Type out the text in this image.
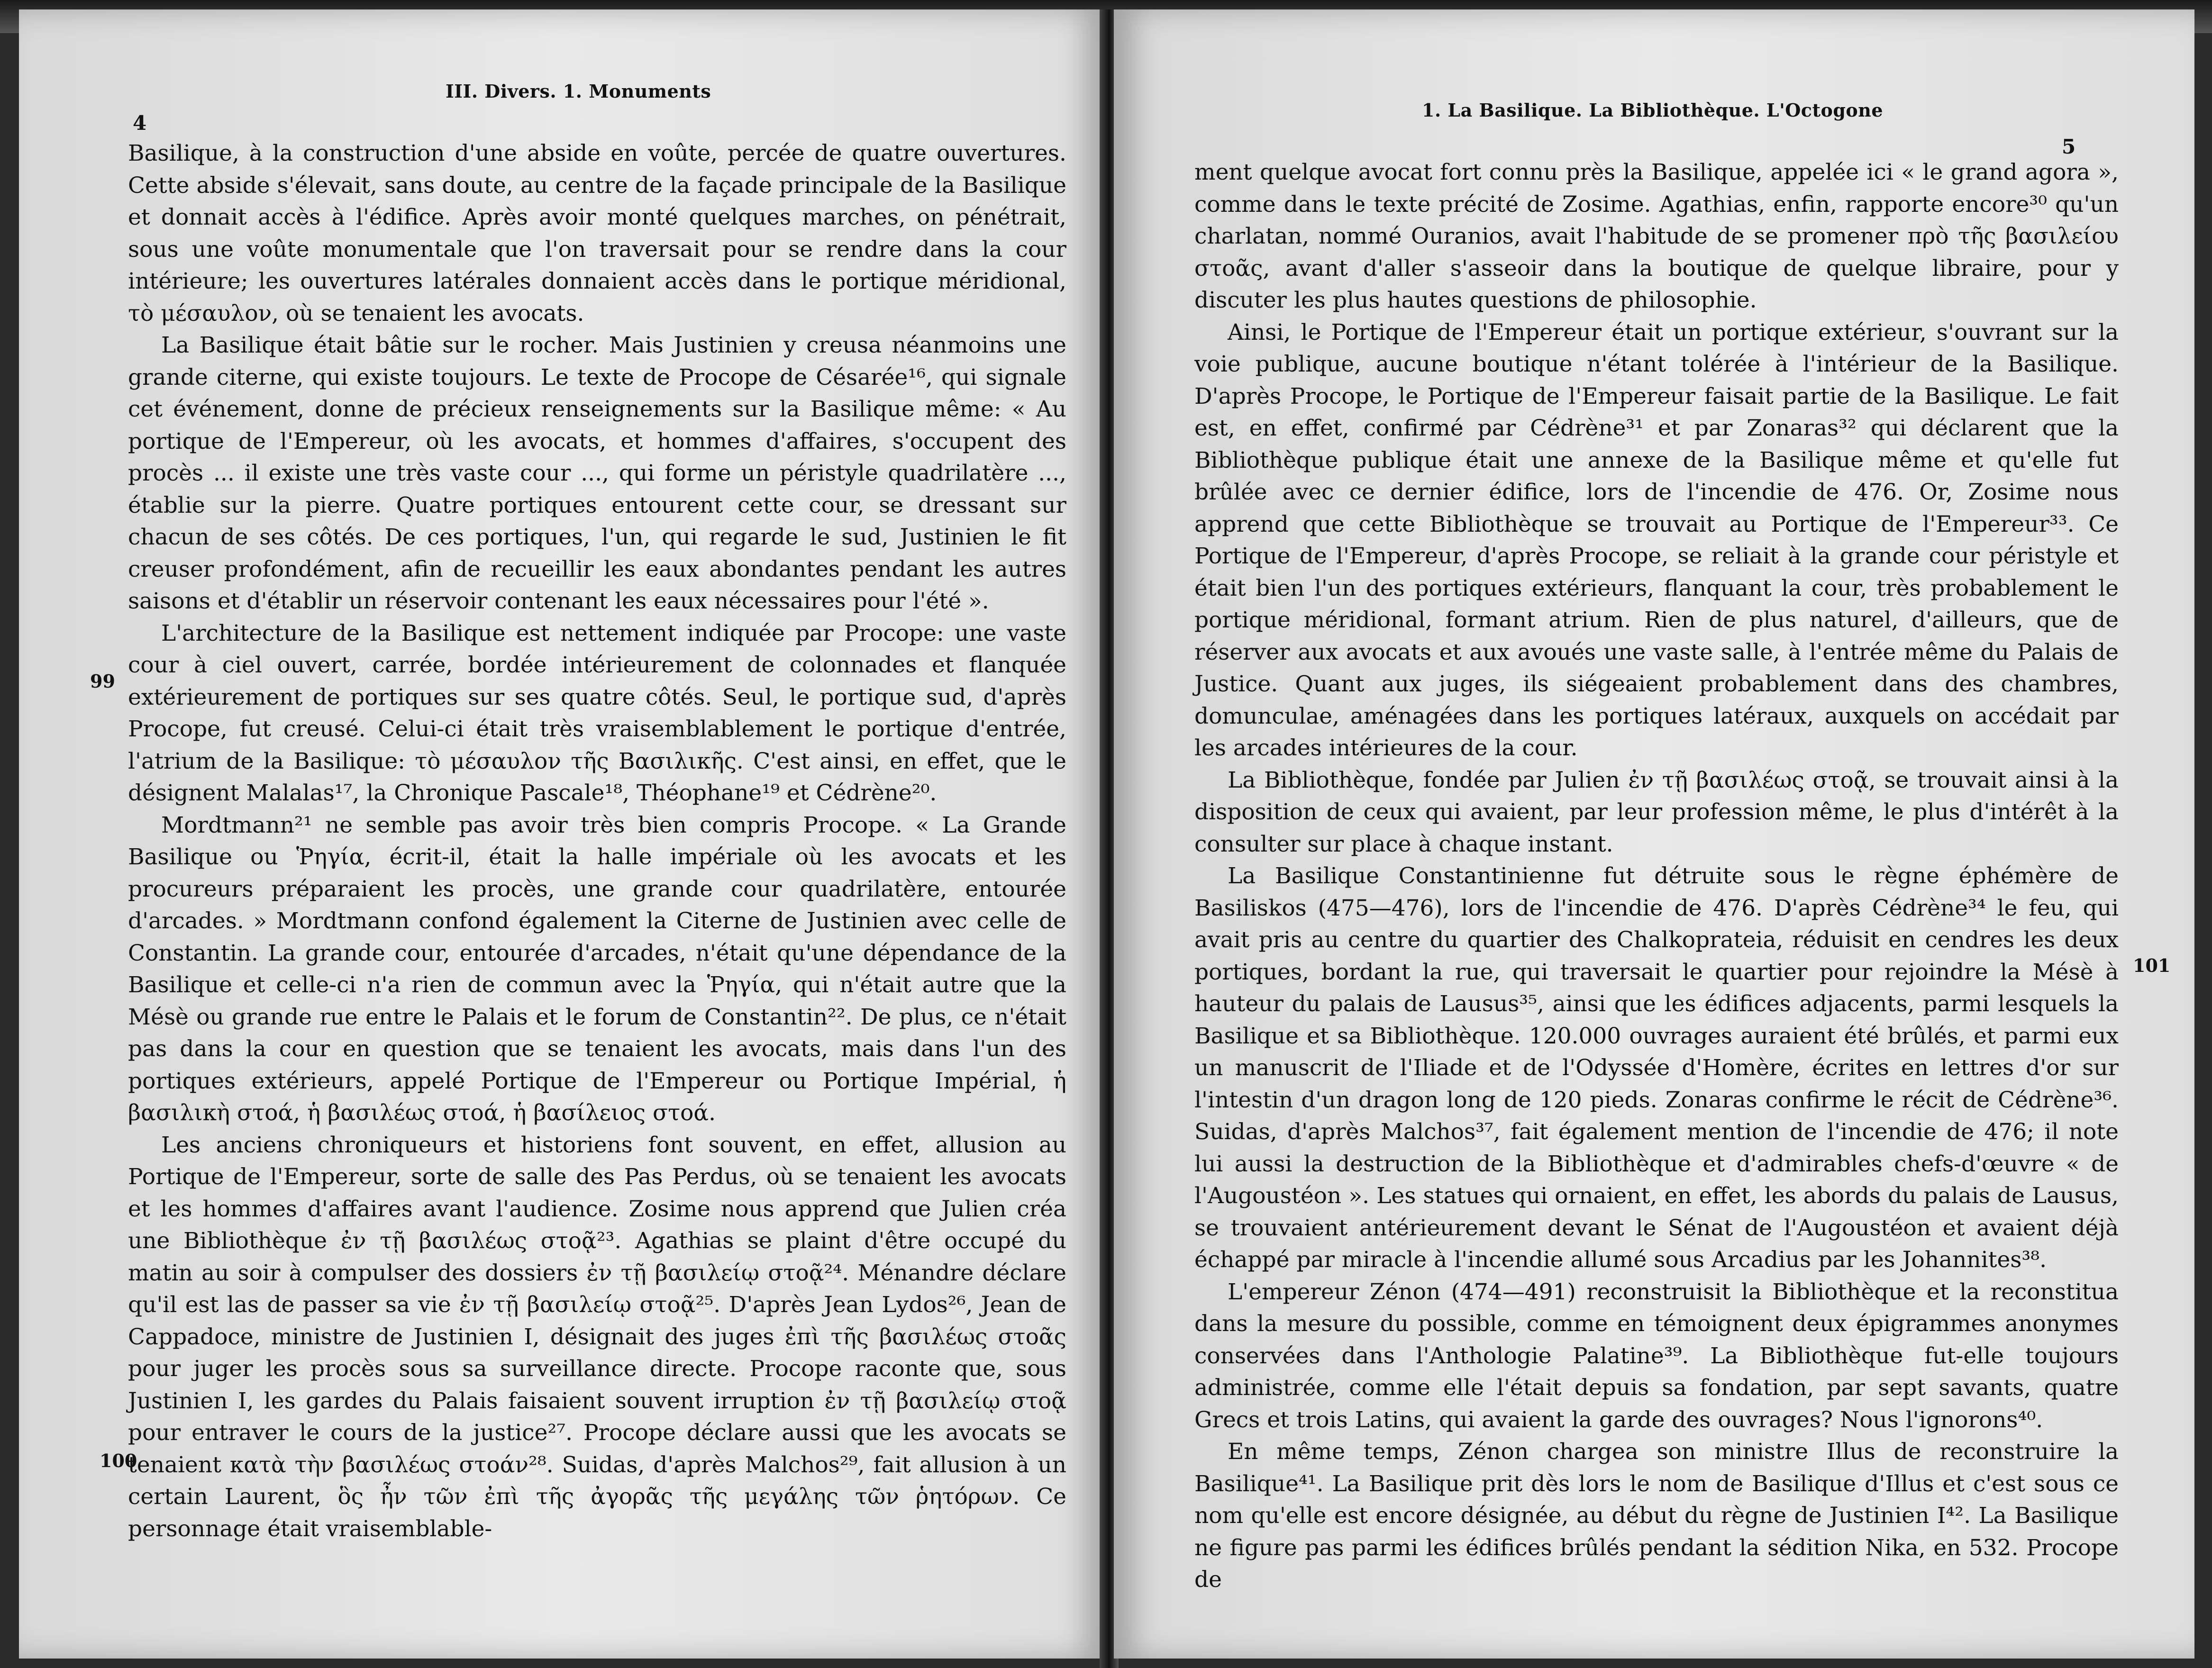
4
III. Divers. 1. Monuments

Basilique, à la construction d'une abside en voûte, percée de quatre ouvertures. Cette abside s'élevait, sans doute, au centre de la façade principale de la Basilique et donnait accès à l'édifice. Après avoir monté quelques marches, on pénétrait, sous une voûte monumentale que l'on traversait pour se rendre dans la cour intérieure; les ouvertures latérales donnaient accès dans le portique méridional, τὸ μέσαυλον, où se tenaient les avocats.

La Basilique était bâtie sur le rocher. Mais Justinien y creusa néanmoins une grande citerne, qui existe toujours. Le texte de Procope de Césarée¹⁶, qui signale cet événement, donne de précieux renseignements sur la Basilique même: « Au portique de l'Empereur, où les avocats, et hommes d'affaires, s'occupent des procès ... il existe une très vaste cour ..., qui forme un péristyle quadrilatère ..., établie sur la pierre. Quatre portiques entourent cette cour, se dressant sur chacun de ses côtés. De ces portiques, l'un, qui regarde le sud, Justinien le fit creuser profondément, afin de recueillir les eaux abondantes pendant les autres saisons et d'établir un réservoir contenant les eaux nécessaires pour l'été ».

L'architecture de la Basilique est nettement indiquée par Procope: une vaste cour à ciel ouvert, carrée, bordée intérieurement de colonnades et flanquée extérieurement de portiques sur ses quatre côtés. Seul, le portique sud, d'après Procope, fut creusé. Celui-ci était très vraisemblablement le portique d'entrée, l'atrium de la Basilique: τὸ μέσαυλον τῆς Βασιλικῆς. C'est ainsi, en effet, que le désignent Malalas¹⁷, la Chronique Pascale¹⁸, Théophane¹⁹ et Cédrène²⁰.

Mordtmann²¹ ne semble pas avoir très bien compris Procope. « La Grande Basilique ou Ῥηγία, écrit-il, était la halle impériale où les avocats et les procureurs préparaient les procès, une grande cour quadrilatère, entourée d'arcades. » Mordtmann confond également la Citerne de Justinien avec celle de Constantin. La grande cour, entourée d'arcades, n'était qu'une dépendance de la Basilique et celle-ci n'a rien de commun avec la Ῥηγία, qui n'était autre que la Mésè ou grande rue entre le Palais et le forum de Constantin²². De plus, ce n'était pas dans la cour en question que se tenaient les avocats, mais dans l'un des portiques extérieurs, appelé Portique de l'Empereur ou Portique Impérial, ἡ βασιλικὴ στοά, ἡ βασιλέως στοά, ἡ βασίλειος στοά.

Les anciens chroniqueurs et historiens font souvent, en effet, allusion au Portique de l'Empereur, sorte de salle des Pas Perdus, où se tenaient les avocats et les hommes d'affaires avant l'audience. Zosime nous apprend que Julien créa une Bibliothèque ἐν τῇ βασιλέως στοᾷ²³. Agathias se plaint d'être occupé du matin au soir à compulser des dossiers ἐν τῇ βασιλείῳ στοᾷ²⁴. Ménandre déclare qu'il est las de passer sa vie ἐν τῇ βασιλείῳ στοᾷ²⁵. D'après Jean Lydos²⁶, Jean de Cappadoce, ministre de Justinien I, désignait des juges ἐπὶ τῆς βασιλέως στοᾶς pour juger les procès sous sa surveillance directe. Procope raconte que, sous Justinien I, les gardes du Palais faisaient souvent irruption ἐν τῇ βασιλείῳ στοᾷ pour entraver le cours de la justice²⁷. Procope déclare aussi que les avocats se tenaient κατὰ τὴν βασιλέως στοάν²⁸. Suidas, d'après Malchos²⁹, fait allusion à un certain Laurent, ὃς ἦν τῶν ἐπὶ τῆς ἀγορᾶς τῆς μεγάλης τῶν ῥητόρων. Ce personnage était vraisemblable-

99
100
1. La Basilique. La Bibliothèque. L'Octogone
5

ment quelque avocat fort connu près la Basilique, appelée ici « le grand agora », comme dans le texte précité de Zosime. Agathias, enfin, rapporte encore³⁰ qu'un charlatan, nommé Ouranios, avait l'habitude de se promener πρὸ τῆς βασιλείου στοᾶς, avant d'aller s'asseoir dans la boutique de quelque libraire, pour y discuter les plus hautes questions de philosophie.

Ainsi, le Portique de l'Empereur était un portique extérieur, s'ouvrant sur la voie publique, aucune boutique n'étant tolérée à l'intérieur de la Basilique. D'après Procope, le Portique de l'Empereur faisait partie de la Basilique. Le fait est, en effet, confirmé par Cédrène³¹ et par Zonaras³² qui déclarent que la Bibliothèque publique était une annexe de la Basilique même et qu'elle fut brûlée avec ce dernier édifice, lors de l'incendie de 476. Or, Zosime nous apprend que cette Bibliothèque se trouvait au Portique de l'Empereur³³. Ce Portique de l'Empereur, d'après Procope, se reliait à la grande cour péristyle et était bien l'un des portiques extérieurs, flanquant la cour, très probablement le portique méridional, formant atrium. Rien de plus naturel, d'ailleurs, que de réserver aux avocats et aux avoués une vaste salle, à l'entrée même du Palais de Justice. Quant aux juges, ils siégeaient probablement dans des chambres, domunculae, aménagées dans les portiques latéraux, auxquels on accédait par les arcades intérieures de la cour.

La Bibliothèque, fondée par Julien ἐν τῇ βασιλέως στοᾷ, se trouvait ainsi à la disposition de ceux qui avaient, par leur profession même, le plus d'intérêt à la consulter sur place à chaque instant.

La Basilique Constantinienne fut détruite sous le règne éphémère de Basiliskos (475—476), lors de l'incendie de 476. D'après Cédrène³⁴ le feu, qui avait pris au centre du quartier des Chalkoprateia, réduisit en cendres les deux portiques, bordant la rue, qui traversait le quartier pour rejoindre la Mésè à hauteur du palais de Lausus³⁵, ainsi que les édifices adjacents, parmi lesquels la Basilique et sa Bibliothèque. 120.000 ouvrages auraient été brûlés, et parmi eux un manuscrit de l'Iliade et de l'Odyssée d'Homère, écrites en lettres d'or sur l'intestin d'un dragon long de 120 pieds. Zonaras confirme le récit de Cédrène³⁶. Suidas, d'après Malchos³⁷, fait également mention de l'incendie de 476; il note lui aussi la destruction de la Bibliothèque et d'admirables chefs-d'œuvre « de l'Augoustéon ». Les statues qui ornaient, en effet, les abords du palais de Lausus, se trouvaient antérieurement devant le Sénat de l'Augoustéon et avaient déjà échappé par miracle à l'incendie allumé sous Arcadius par les Johannites³⁸.

L'empereur Zénon (474—491) reconstruisit la Bibliothèque et la reconstitua dans la mesure du possible, comme en témoignent deux épigrammes anonymes conservées dans l'Anthologie Palatine³⁹. La Bibliothèque fut-elle toujours administrée, comme elle l'était depuis sa fondation, par sept savants, quatre Grecs et trois Latins, qui avaient la garde des ouvrages? Nous l'ignorons⁴⁰.

En même temps, Zénon chargea son ministre Illus de reconstruire la Basilique⁴¹. La Basilique prit dès lors le nom de Basilique d'Illus et c'est sous ce nom qu'elle est encore désignée, au début du règne de Justinien I⁴². La Basilique ne figure pas parmi les édifices brûlés pendant la sédition Nika, en 532. Procope de

101
